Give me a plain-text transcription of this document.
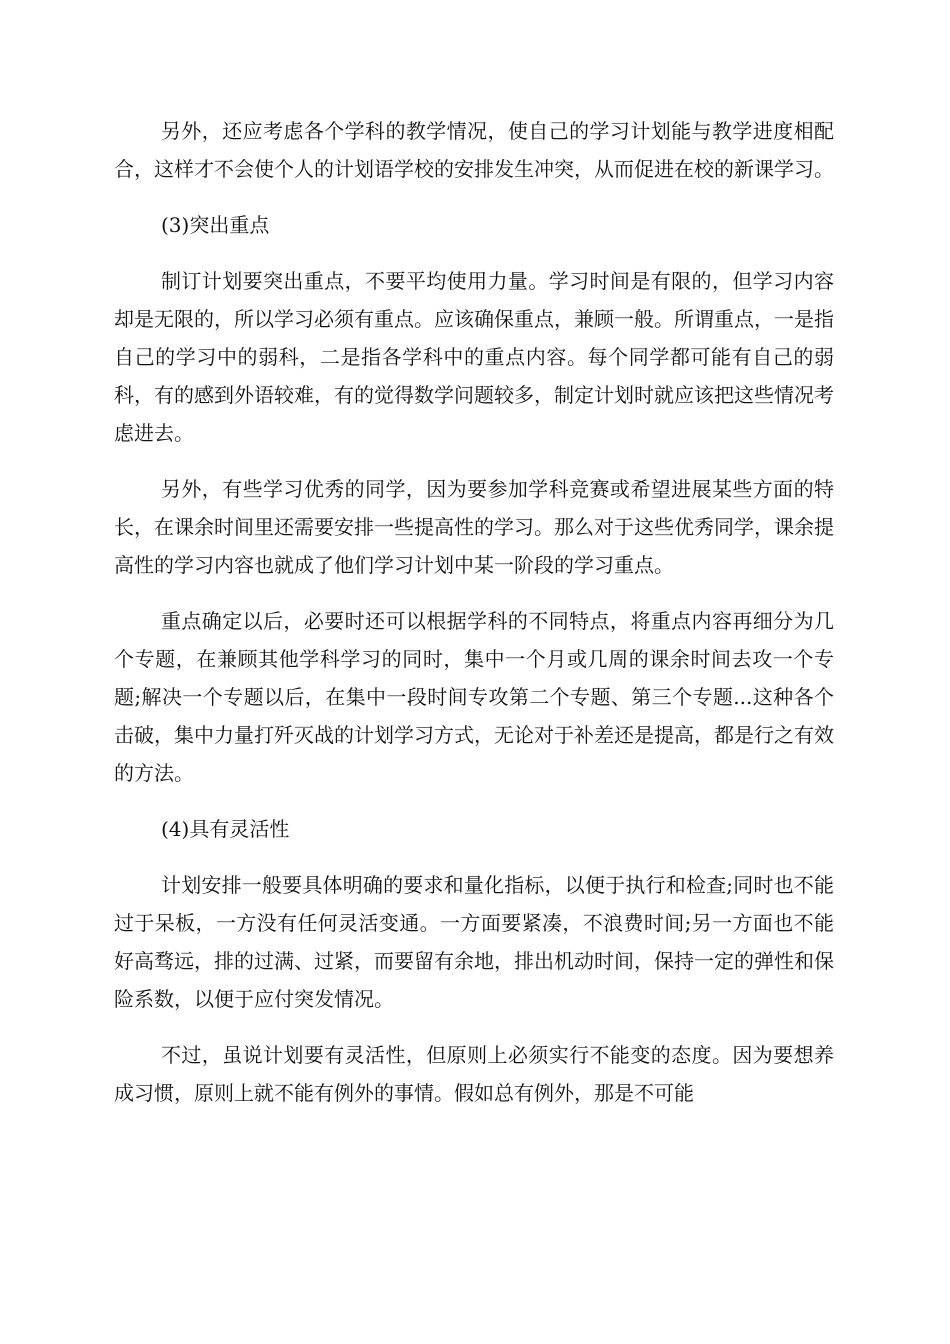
另外，还应考虑各个学科的教学情况，使自己的学习计划能与教学进度相配合，这样才不会使个人的计划语学校的安排发生冲突，从而促进在校的新课学习。

(3)突出重点

制订计划要突出重点，不要平均使用力量。学习时间是有限的，但学习内容却是无限的，所以学习必须有重点。应该确保重点，兼顾一般。所谓重点，一是指自己的学习中的弱科，二是指各学科中的重点内容。每个同学都可能有自己的弱科，有的感到外语较难，有的觉得数学问题较多，制定计划时就应该把这些情况考虑进去。

另外，有些学习优秀的同学，因为要参加学科竞赛或希望进展某些方面的特长，在课余时间里还需要安排一些提高性的学习。那么对于这些优秀同学，课余提高性的学习内容也就成了他们学习计划中某一阶段的学习重点。

重点确定以后，必要时还可以根据学科的不同特点，将重点内容再细分为几个专题，在兼顾其他学科学习的同时，集中一个月或几周的课余时间去攻一个专题;解决一个专题以后，在集中一段时间专攻第二个专题、第三个专题...这种各个击破，集中力量打歼灭战的计划学习方式，无论对于补差还是提高，都是行之有效的方法。

(4)具有灵活性

计划安排一般要具体明确的要求和量化指标，以便于执行和检查;同时也不能过于呆板，一方没有任何灵活变通。一方面要紧凑，不浪费时间;另一方面也不能好高骛远，排的过满、过紧，而要留有余地，排出机动时间，保持一定的弹性和保险系数，以便于应付突发情况。

不过，虽说计划要有灵活性，但原则上必须实行不能变的态度。因为要想养成习惯，原则上就不能有例外的事情。假如总有例外，那是不可能
